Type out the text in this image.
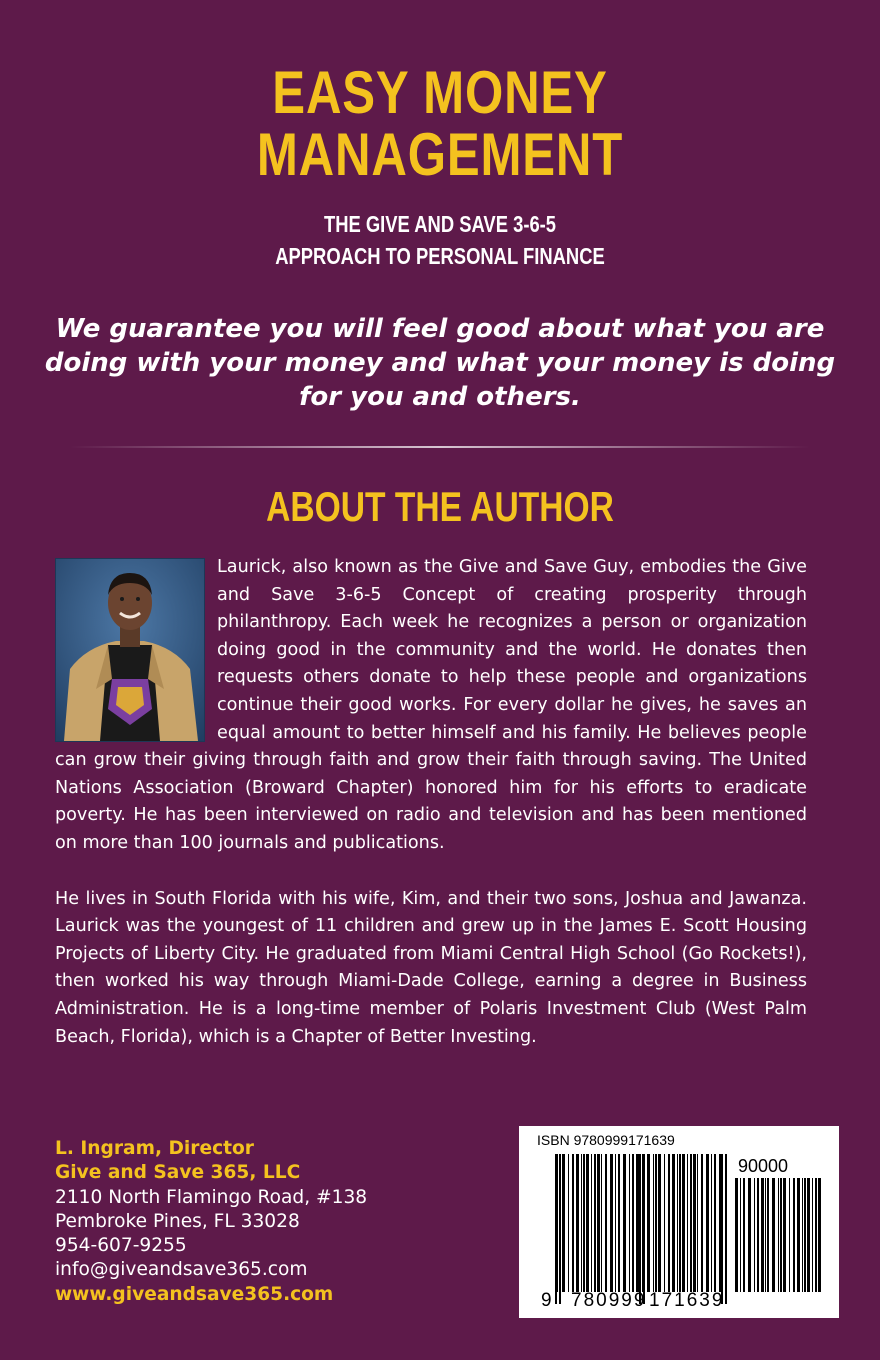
EASY MONEY
MANAGEMENT
THE GIVE AND SAVE 3-6-5
APPROACH TO PERSONAL FINANCE
We guarantee you will feel good about what you are doing with your money and what your money is doing for you and others.
ABOUT THE AUTHOR

Laurick, also known as the Give and Save Guy, embodies the Give and Save 3-6-5 Concept of creating prosperity through philanthropy. Each week he recognizes a person or organization doing good in the community and the world. He donates then requests others donate to help these people and organizations continue their good works. For every dollar he gives, he saves an equal amount to better himself and his family. He believes people can grow their giving through faith and grow their faith through saving. The United Nations Association (Broward Chapter) honored him for his efforts to eradicate poverty. He has been interviewed on radio and television and has been mentioned on more than 100 journals and publications.

He lives in South Florida with his wife, Kim, and their two sons, Joshua and Jawanza. Laurick was the youngest of 11 children and grew up in the James E. Scott Housing Projects of Liberty City. He graduated from Miami Central High School (Go Rockets!), then worked his way through Miami-Dade College, earning a degree in Business Administration. He is a long-time member of Polaris Investment Club (West Palm Beach, Florida), which is a Chapter of Better Investing.

L. Ingram, Director
Give and Save 365, LLC
2110 North Flamingo Road, #138
Pembroke Pines, FL 33028
954-607-9255
info@giveandsave365.com
www.giveandsave365.com
ISBN 9780999171639
90000
9 780999 171639
